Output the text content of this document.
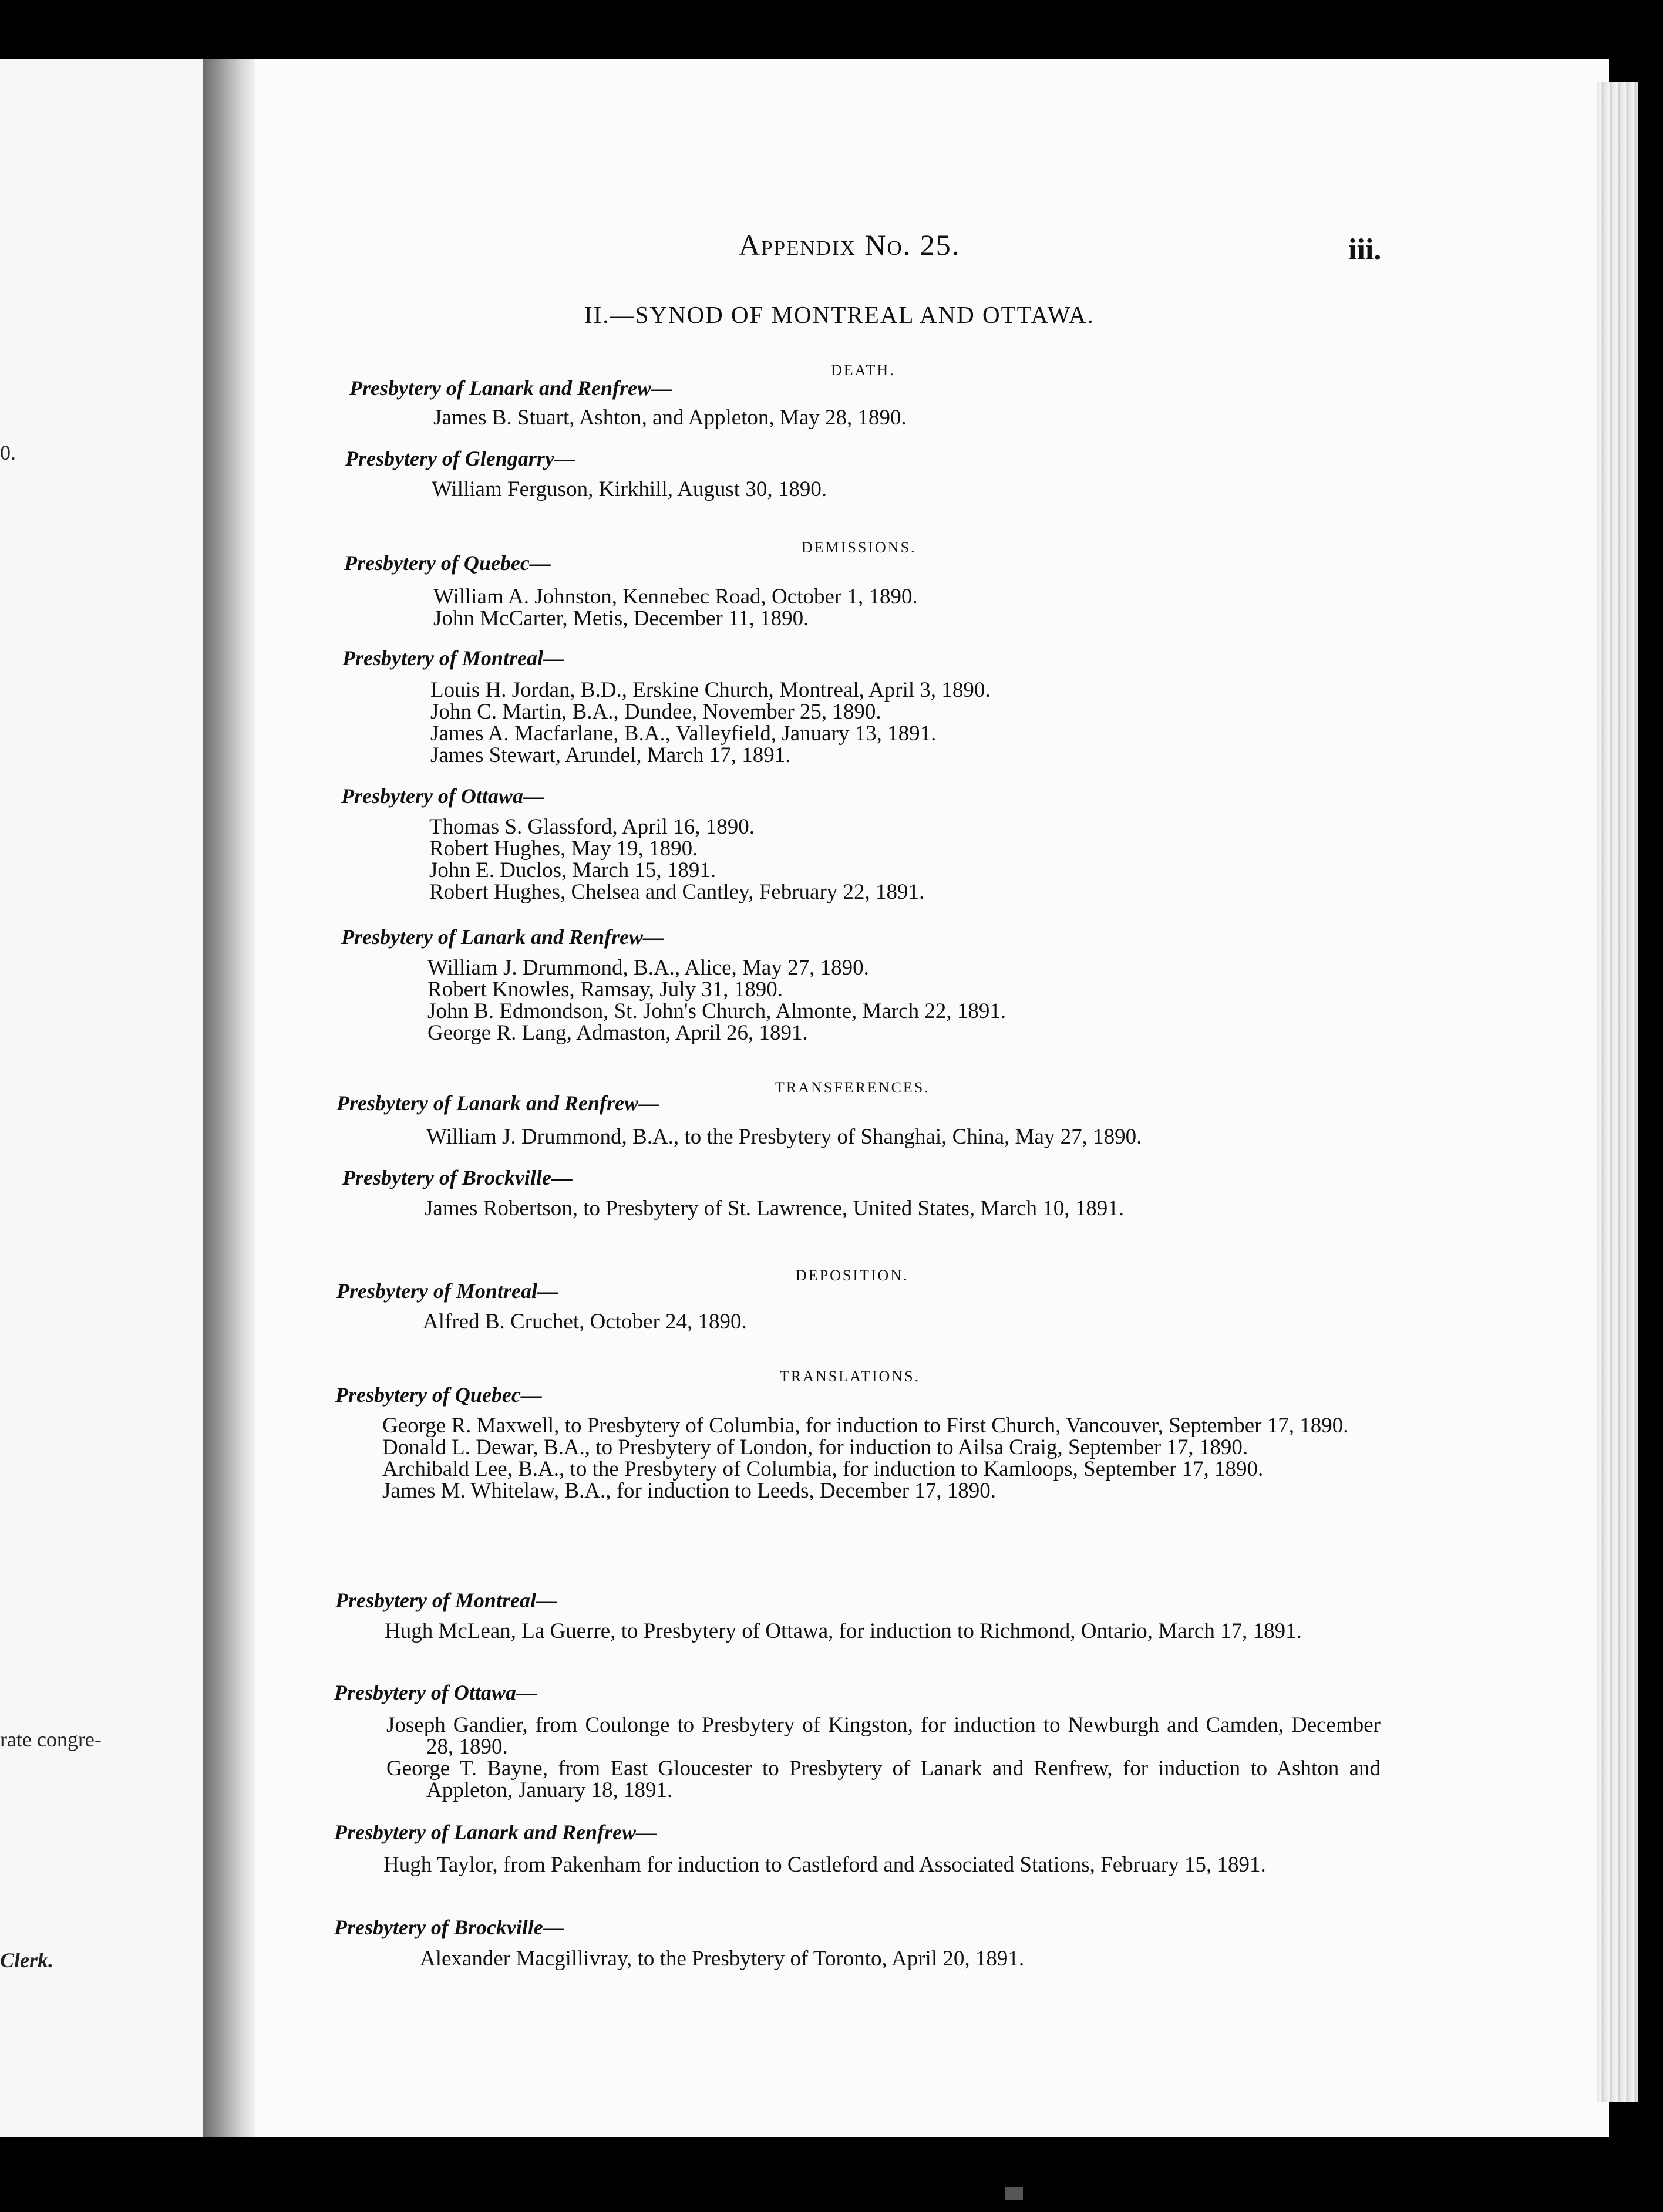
0.
rate congre-
Clerk.
Appendix No. 25.	iii.
II.—SYNOD OF MONTREAL AND OTTAWA.
DEATH.
Presbytery of Lanark and Renfrew—
James B. Stuart, Ashton, and Appleton, May 28, 1890.
Presbytery of Glengarry—
William Ferguson, Kirkhill, August 30, 1890.
DEMISSIONS.
Presbytery of Quebec—
William A. Johnston, Kennebec Road, October 1, 1890.
John McCarter, Metis, December 11, 1890.
Presbytery of Montreal—
Louis H. Jordan, B.D., Erskine Church, Montreal, April 3, 1890.
John C. Martin, B.A., Dundee, November 25, 1890.
James A. Macfarlane, B.A., Valleyfield, January 13, 1891.
James Stewart, Arundel, March 17, 1891.
Presbytery of Ottawa—
Thomas S. Glassford, April 16, 1890.
Robert Hughes, May 19, 1890.
John E. Duclos, March 15, 1891.
Robert Hughes, Chelsea and Cantley, February 22, 1891.
Presbytery of Lanark and Renfrew—
William J. Drummond, B.A., Alice, May 27, 1890.
Robert Knowles, Ramsay, July 31, 1890.
John B. Edmondson, St. John's Church, Almonte, March 22, 1891.
George R. Lang, Admaston, April 26, 1891.
TRANSFERENCES.
Presbytery of Lanark and Renfrew—
William J. Drummond, B.A., to the Presbytery of Shanghai, China, May 27, 1890.
Presbytery of Brockville—
James Robertson, to Presbytery of St. Lawrence, United States, March 10, 1891.
DEPOSITION.
Presbytery of Montreal—
Alfred B. Cruchet, October 24, 1890.
TRANSLATIONS.
Presbytery of Quebec—
George R. Maxwell, to Presbytery of Columbia, for induction to First Church, Vancouver, September 17, 1890.
Donald L. Dewar, B.A., to Presbytery of London, for induction to Ailsa Craig, September 17, 1890.
Archibald Lee, B.A., to the Presbytery of Columbia, for induction to Kamloops, September 17, 1890.
James M. Whitelaw, B.A., for induction to Leeds, December 17, 1890.
Presbytery of Montreal—
Hugh McLean, La Guerre, to Presbytery of Ottawa, for induction to Richmond, Ontario, March 17, 1891.
Presbytery of Ottawa—
Joseph Gandier, from Coulonge to Presbytery of Kingston, for induction to Newburgh and Camden, December 28, 1890.
George T. Bayne, from East Gloucester to Presbytery of Lanark and Renfrew, for induction to Ashton and Appleton, January 18, 1891.
Presbytery of Lanark and Renfrew—
Hugh Taylor, from Pakenham for induction to Castleford and Associated Stations, February 15, 1891.
Presbytery of Brockville—
Alexander Macgillivray, to the Presbytery of Toronto, April 20, 1891.
